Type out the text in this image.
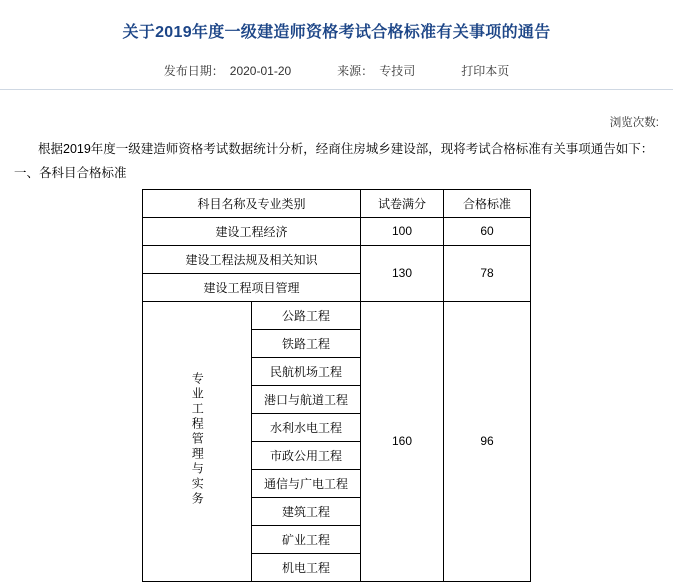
关于2019年度一级建造师资格考试合格标准有关事项的通告
发布日期： 2020-01-20	来源： 专技司	打印本页
浏览次数:
根据2019年度一级建造师资格考试数据统计分析，经商住房城乡建设部，现将考试合格标准有关事项通告如下：
一、各科目合格标准
科目名称及专业类别		试卷满分	合格标准
建设工程经济		100	60
建设工程法规及相关知识		130	78
建设工程项目管理			
专业工程管理与实务	公路工程	160	96
	铁路工程		
	民航机场工程		
	港口与航道工程		
	水利水电工程		
	市政公用工程		
	通信与广电工程		
	建筑工程		
	矿业工程		
	机电工程		
